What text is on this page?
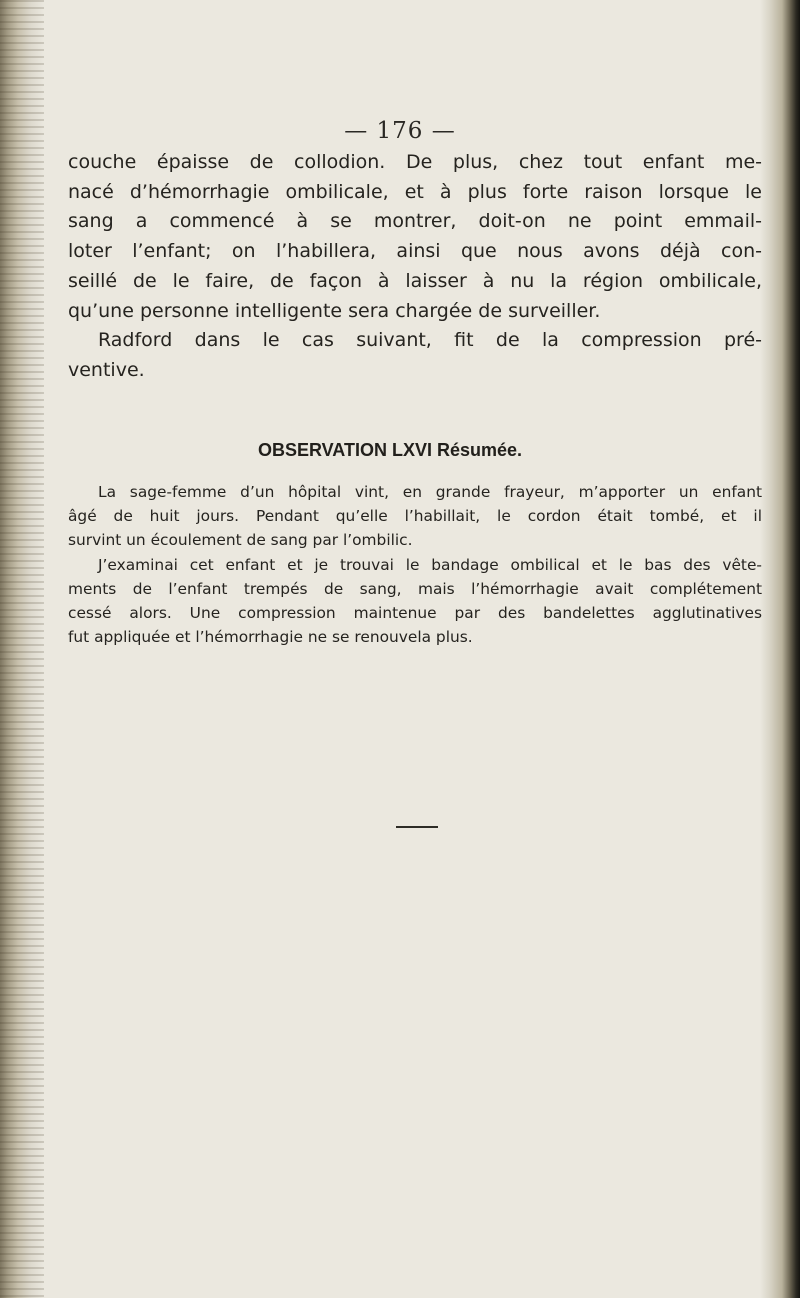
— 176 —
couche épaisse de collodion. De plus, chez tout enfant me-
nacé d’hémorrhagie ombilicale, et à plus forte raison lorsque le
sang a commencé à se montrer, doit-on ne point emmail-
loter l’enfant; on l’habillera, ainsi que nous avons déjà con-
seillé de le faire, de façon à laisser à nu la région ombilicale,
qu’une personne intelligente sera chargée de surveiller.
Radford dans le cas suivant, fit de la compression pré-
ventive.
OBSERVATION LXVI Résumée.
La sage-femme d’un hôpital vint, en grande frayeur, m’apporter un enfant
âgé de huit jours. Pendant qu’elle l’habillait, le cordon était tombé, et il
survint un écoulement de sang par l’ombilic.
J’examinai cet enfant et je trouvai le bandage ombilical et le bas des vête-
ments de l’enfant trempés de sang, mais l’hémorrhagie avait complétement
cessé alors. Une compression maintenue par des bandelettes agglutinatives
fut appliquée et l’hémorrhagie ne se renouvela plus.
